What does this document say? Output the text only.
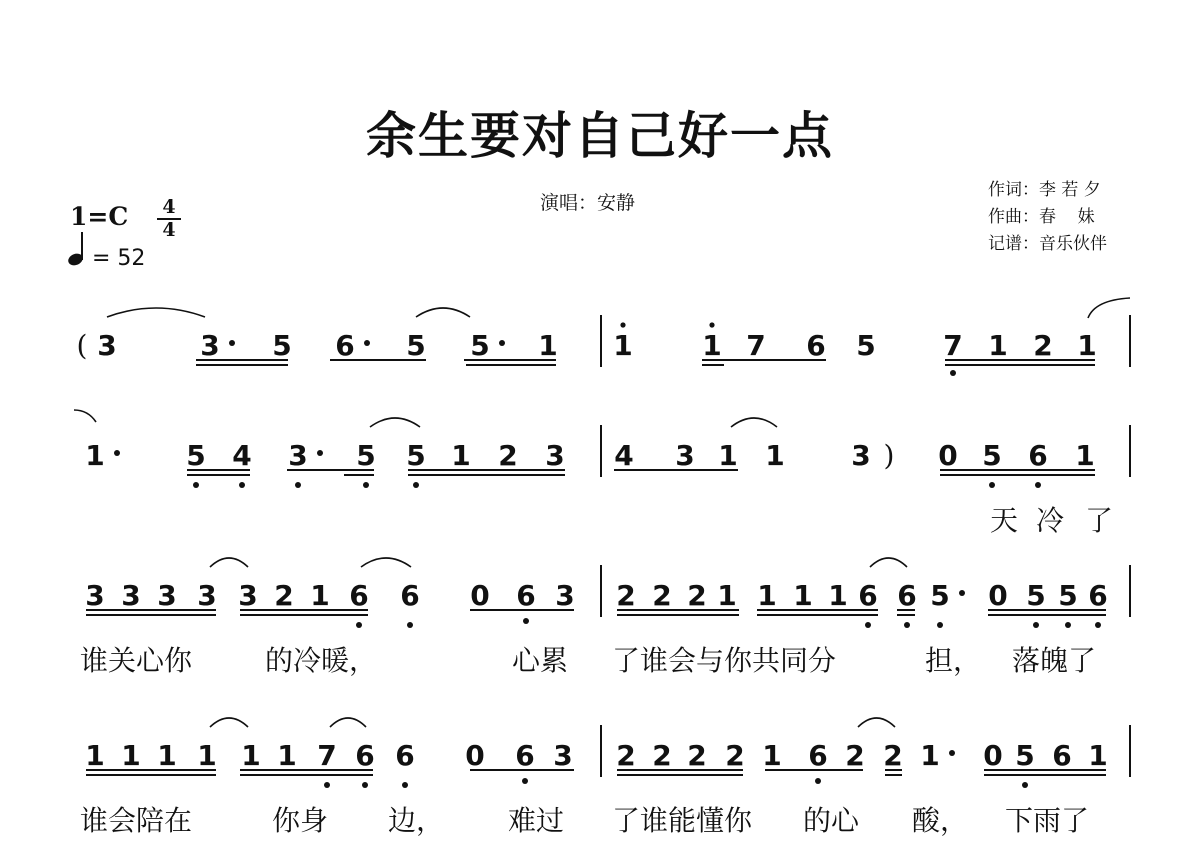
余生要对自己好一点
演唱：安静
作词：李 若 夕
作曲：春    妹
记谱：音乐伙伴
1=C 4
4
= 52
( 3	3 5 6 5 5 1 1 1 7 6 5 7 1 2 1
1	5 4 3 5 5 1 2 3 4 3 1 1 3 ) 0 5 6 1
天 冷 了
3 3 3 3 3 2 1 6 6 0 6 3 2 2 2 1 1 1 1 6 6 5 0 5 5 6
谁关心你	的冷暖，	心累 了谁会与你共同分	担， 落魄了
1 1 1 1 1 1 7 6 6 0 6 3 2 2 2 2 1 6 2 2 1 0 5 6 1
谁会陪在	你身 边， 难过 了谁能懂你 的心 酸， 下雨了
